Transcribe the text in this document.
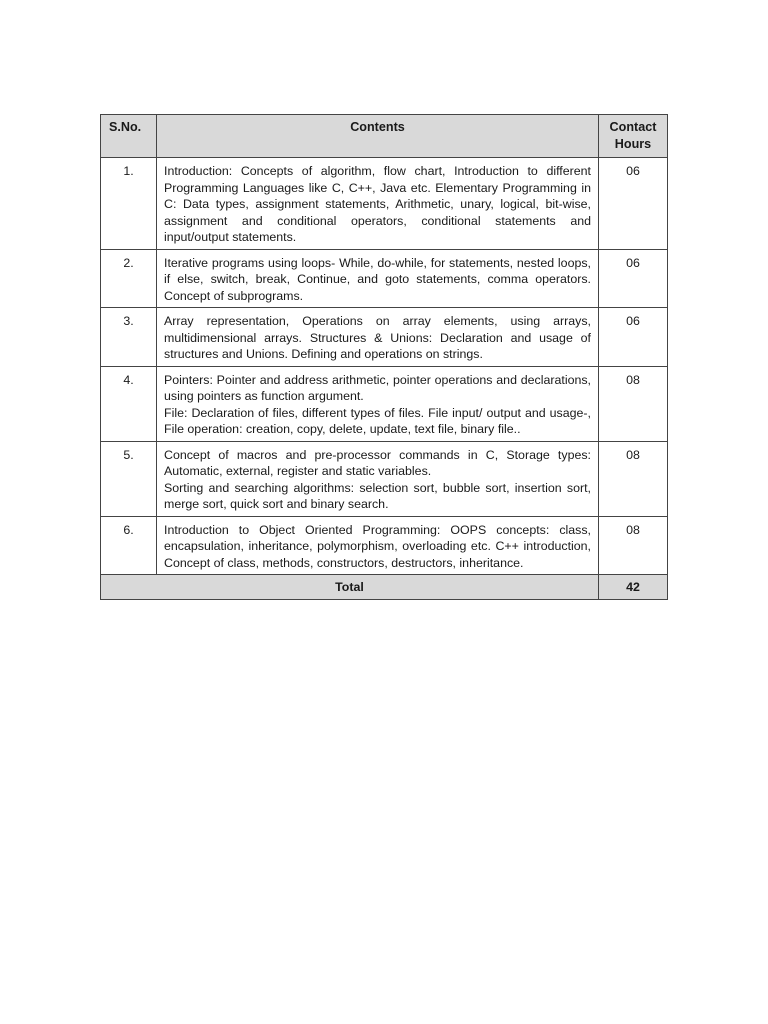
S.No.	Contents	Contact
Hours

1.	Introduction: Concepts of algorithm, flow chart, Introduction to different Programming Languages like C, C++, Java etc. Elementary Programming in C: Data types, assignment statements, Arithmetic, unary, logical, bit-wise, assignment and conditional operators, conditional statements and input/output statements.	06
2.	Iterative programs using loops- While, do-while, for statements, nested loops, if else, switch, break, Continue, and goto statements, comma operators. Concept of subprograms.	06
3.	Array representation, Operations on array elements, using arrays, multidimensional arrays. Structures & Unions: Declaration and usage of structures and Unions. Defining and operations on strings.	06
4.	Pointers: Pointer and address arithmetic, pointer operations and declarations, using pointers as function argument.
File: Declaration of files, different types of files. File input/ output and usage-, File operation: creation, copy, delete, update, text file, binary file..	08
5.	Concept of macros and pre-processor commands in C, Storage types: Automatic, external, register and static variables.
Sorting and searching algorithms: selection sort, bubble sort, insertion sort, merge sort, quick sort and binary search.	08
6.	Introduction to Object Oriented Programming: OOPS concepts: class, encapsulation, inheritance, polymorphism, overloading etc. C++ introduction, Concept of class, methods, constructors, destructors, inheritance.	08
Total		42
